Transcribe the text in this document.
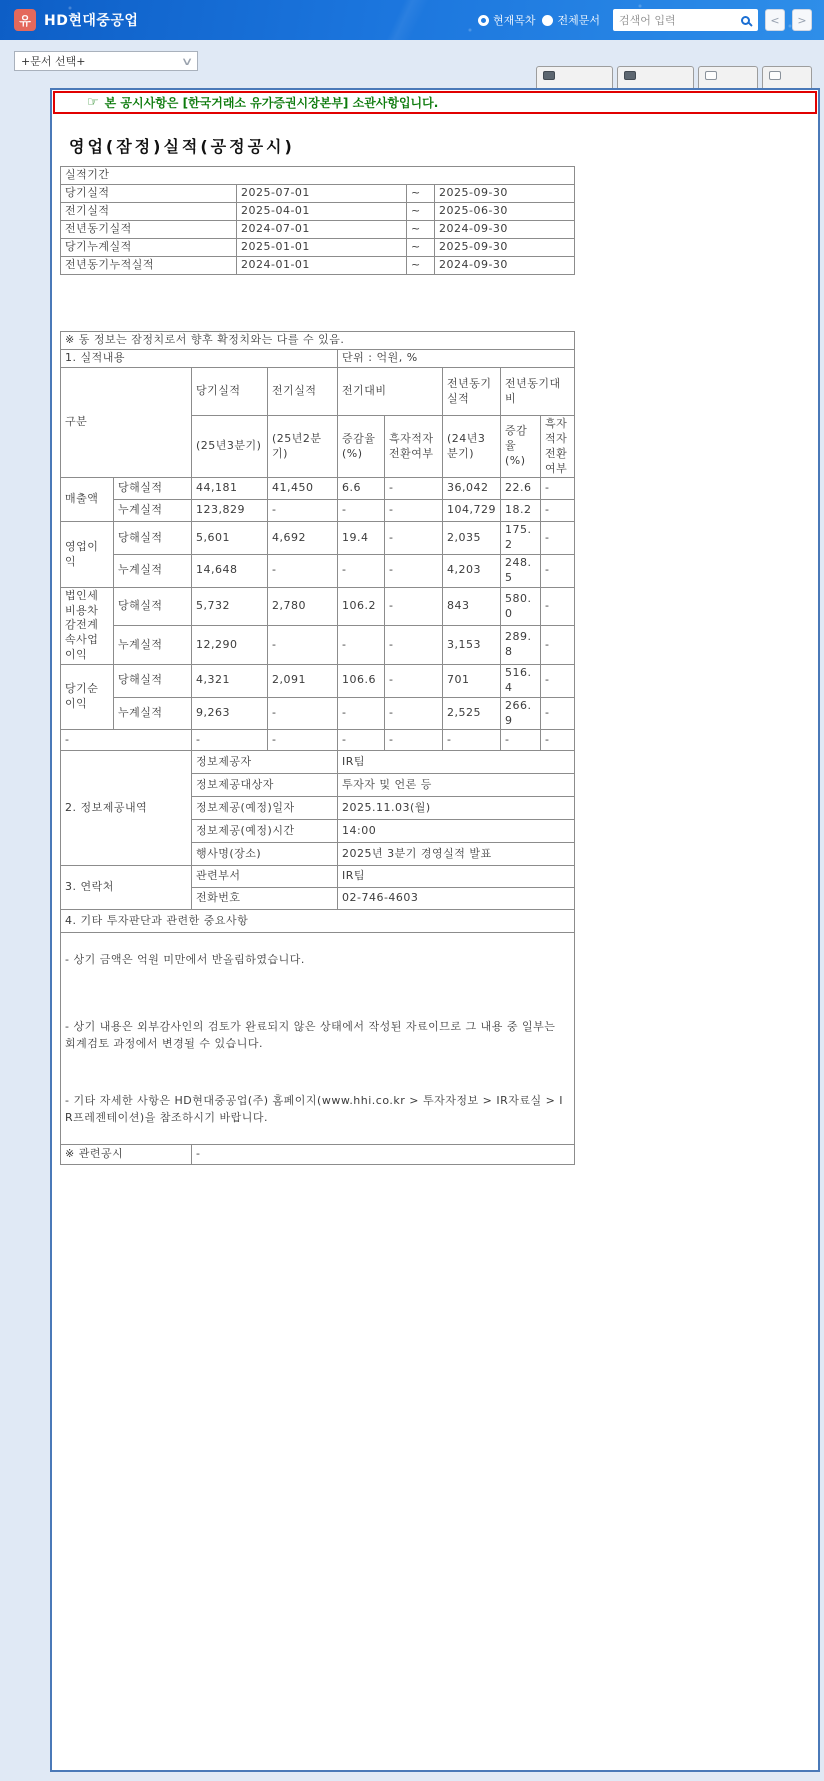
유 HD현대중공업	현재목차 전체문서
검색어 입력	<	>
+문서 선택+	∨
☞ 본 공시사항은 [한국거래소 유가증권시장본부] 소관사항입니다.
영업(잠정)실적(공정공시)
실적기간			
당기실적	2025-07-01	~	2025-09-30
전기실적	2025-04-01	~	2025-06-30
전년동기실적	2024-07-01	~	2024-09-30
당기누계실적	2025-01-01	~	2025-09-30
전년동기누적실적	2024-01-01	~	2024-09-30
※ 동 정보는 잠정치로서 향후 확정치와는 다를 수 있음.								
1. 실적내용				단위 : 억원, %				
구분		당기실적	전기실적	전기대비		전년동기실적	전년동기대비	
		(25년3분기)	(25년2분기)	증감율(%)	흑자적자전환여부	(24년3분기)	증감율(%)	흑자적자전환여부
매출액	당해실적	44,181	41,450	6.6	-	36,042	22.6	-
	누계실적	123,829	-	-	-	104,729	18.2	-
영업이익	당해실적	5,601	4,692	19.4	-	2,035	175.2	-
	누계실적	14,648	-	-	-	4,203	248.5	-
법인세비용차감전계속사업이익	당해실적	5,732	2,780	106.2	-	843	580.0	-
	누계실적	12,290	-	-	-	3,153	289.8	-
당기순이익	당해실적	4,321	2,091	106.6	-	701	516.4	-
	누계실적	9,263	-	-	-	2,525	266.9	-
-		-	-	-	-	-	-	-
2. 정보제공내역		정보제공자		IR팀				
		정보제공대상자		투자자 및 언론 등				
		정보제공(예정)일자		2025.11.03(월)				
		정보제공(예정)시간		14:00				
		행사명(장소)		2025년 3분기 경영실적 발표				
3. 연락처		관련부서		IR팀				
		전화번호		02-746-4603				
4. 기타 투자판단과 관련한 중요사항								

- 상기 금액은 억원 미만에서 반올림하였습니다.

- 상기 내용은 외부감사인의 검토가 완료되지 않은 상태에서 작성된 자료이므로 그 내용 중 일부는 회계검토 과정에서 변경될 수 있습니다.

- 기타 자세한 사항은 HD현대중공업(주) 홈페이지(www.hhi.co.kr > 투자자정보 > IR자료실 > IR프레젠테이션)을 참조하시기 바랍니다.								

※ 관련공시		-						
